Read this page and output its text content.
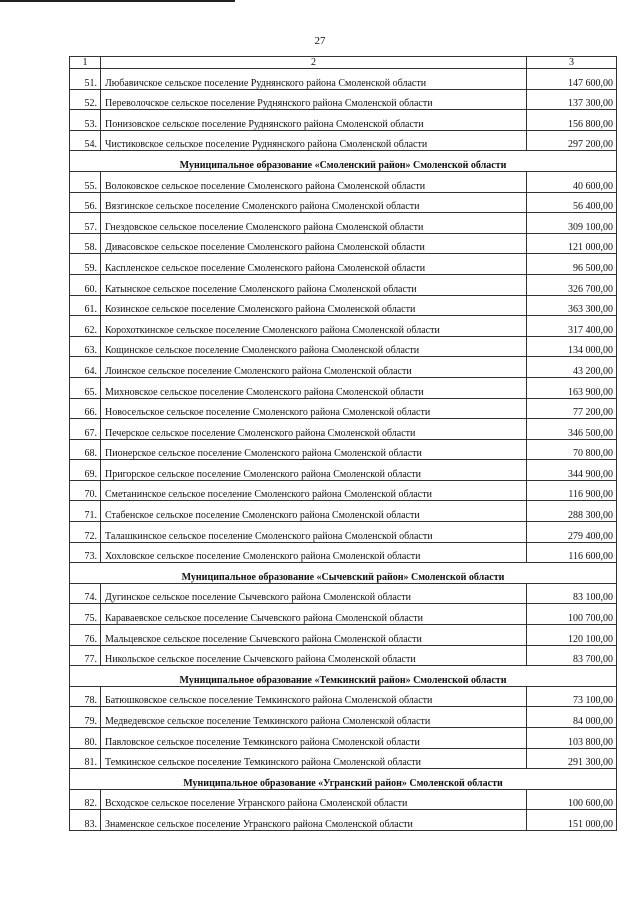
27
1	2	3
51.	Любавичское сельское поселение Руднянского района Смоленской области	147 600,00
52.	Переволочское сельское поселение Руднянского района Смоленской области	137 300,00
53.	Понизовское сельское поселение Руднянского района Смоленской области	156 800,00
54.	Чистиковское сельское поселение Руднянского района Смоленской области	297 200,00
Муниципальное образование «Смоленский район» Смоленской области		
55.	Волоковское сельское поселение Смоленского района Смоленской области	40 600,00
56.	Вязгинское сельское поселение Смоленского района Смоленской области	56 400,00
57.	Гнездовское сельское поселение Смоленского района Смоленской области	309 100,00
58.	Дивасовское сельское поселение Смоленского района Смоленской области	121 000,00
59.	Каспленское сельское поселение Смоленского района Смоленской области	96 500,00
60.	Катынское сельское поселение Смоленского района Смоленской области	326 700,00
61.	Козинское сельское поселение Смоленского района Смоленской области	363 300,00
62.	Корохоткинское сельское поселение Смоленского района Смоленской области	317 400,00
63.	Кощинское сельское поселение Смоленского района Смоленской области	134 000,00
64.	Лоинское сельское поселение Смоленского района Смоленской области	43 200,00
65.	Михновское сельское поселение Смоленского района Смоленской области	163 900,00
66.	Новосельское сельское поселение Смоленского района Смоленской области	77 200,00
67.	Печерское сельское поселение Смоленского района Смоленской области	346 500,00
68.	Пионерское сельское поселение Смоленского района Смоленской области	70 800,00
69.	Пригорское сельское поселение Смоленского района Смоленской области	344 900,00
70.	Сметанинское сельское поселение Смоленского района Смоленской области	116 900,00
71.	Стабенское сельское поселение Смоленского района Смоленской области	288 300,00
72.	Талашкинское сельское поселение Смоленского района Смоленской области	279 400,00
73.	Хохловское сельское поселение Смоленского района Смоленской области	116 600,00
Муниципальное образование «Сычевский район» Смоленской области		
74.	Дугинское сельское поселение Сычевского района Смоленской области	83 100,00
75.	Караваевское сельское поселение Сычевского района Смоленской области	100 700,00
76.	Мальцевское сельское поселение Сычевского района Смоленской области	120 100,00
77.	Никольское сельское поселение Сычевского района Смоленской области	83 700,00
Муниципальное образование «Темкинский район» Смоленской области		
78.	Батюшковское сельское поселение Темкинского района Смоленской области	73 100,00
79.	Медведевское сельское поселение Темкинского района Смоленской области	84 000,00
80.	Павловское сельское поселение Темкинского района Смоленской области	103 800,00
81.	Темкинское сельское поселение Темкинского района Смоленской области	291 300,00
Муниципальное образование «Угранский район» Смоленской области		
82.	Всходское сельское поселение Угранского района Смоленской области	100 600,00
83.	Знаменское сельское поселение Угранского района Смоленской области	151 000,00
